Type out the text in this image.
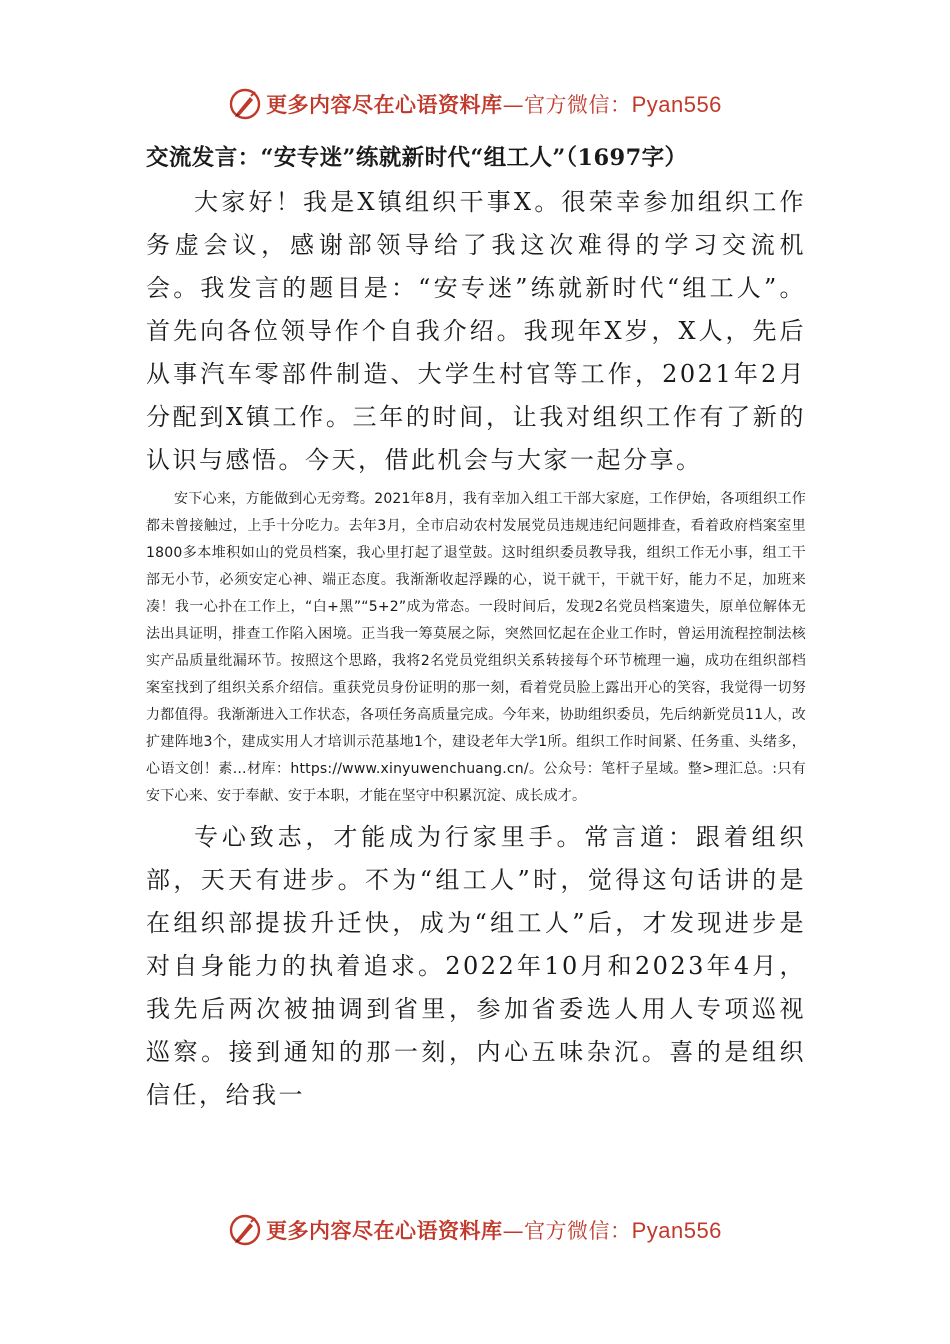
更多内容尽在心语资料库—官方微信：Pyan556
交流发言：“安专迷”练就新时代“组工人”（1697字）

大家好！我是X镇组织干事X。很荣幸参加组织工作务虚会议，感谢部领导给了我这次难得的学习交流机会。我发言的题目是：“安专迷”练就新时代“组工人”。首先向各位领导作个自我介绍。我现年X岁，X人，先后从事汽车零部件制造、大学生村官等工作，2021年2月分配到X镇工作。三年的时间，让我对组织工作有了新的认识与感悟。今天，借此机会与大家一起分享。

安下心来，方能做到心无旁骛。2021年8月，我有幸加入组工干部大家庭，工作伊始，各项组织工作都未曾接触过，上手十分吃力。去年3月，全市启动农村发展党员违规违纪问题排查，看着政府档案室里1800多本堆积如山的党员档案，我心里打起了退堂鼓。这时组织委员教导我，组织工作无小事，组工干部无小节，必须安定心神、端正态度。我渐渐收起浮躁的心，说干就干，干就干好，能力不足，加班来凑！我一心扑在工作上，“白+黑”“5+2”成为常态。一段时间后，发现2名党员档案遗失，原单位解体无法出具证明，排查工作陷入困境。正当我一筹莫展之际，突然回忆起在企业工作时，曾运用流程控制法核实产品质量纰漏环节。按照这个思路，我将2名党员党组织关系转接每个环节梳理一遍，成功在组织部档案室找到了组织关系介绍信。重获党员身份证明的那一刻，看着党员脸上露出开心的笑容，我觉得一切努力都值得。我渐渐进入工作状态，各项任务高质量完成。今年来，协助组织委员，先后纳新党员11人，改扩建阵地3个，建成实用人才培训示范基地1个，建设老年大学1所。组织工作时间紧、任务重、头绪多，心语文创！素…材库：https://www.xinyuwenchuang.cn/。公众号：笔杆子星域。整>理汇总。:只有安下心来、安于奉献、安于本职，才能在坚守中积累沉淀、成长成才。

专心致志，才能成为行家里手。常言道：跟着组织部，天天有进步。不为“组工人”时，觉得这句话讲的是在组织部提拔升迁快，成为“组工人”后，才发现进步是对自身能力的执着追求。2022年10月和2023年4月，我先后两次被抽调到省里，参加省委选人用人专项巡视巡察。接到通知的那一刻，内心五味杂沉。喜的是组织信任，给我一

更多内容尽在心语资料库—官方微信：Pyan556
